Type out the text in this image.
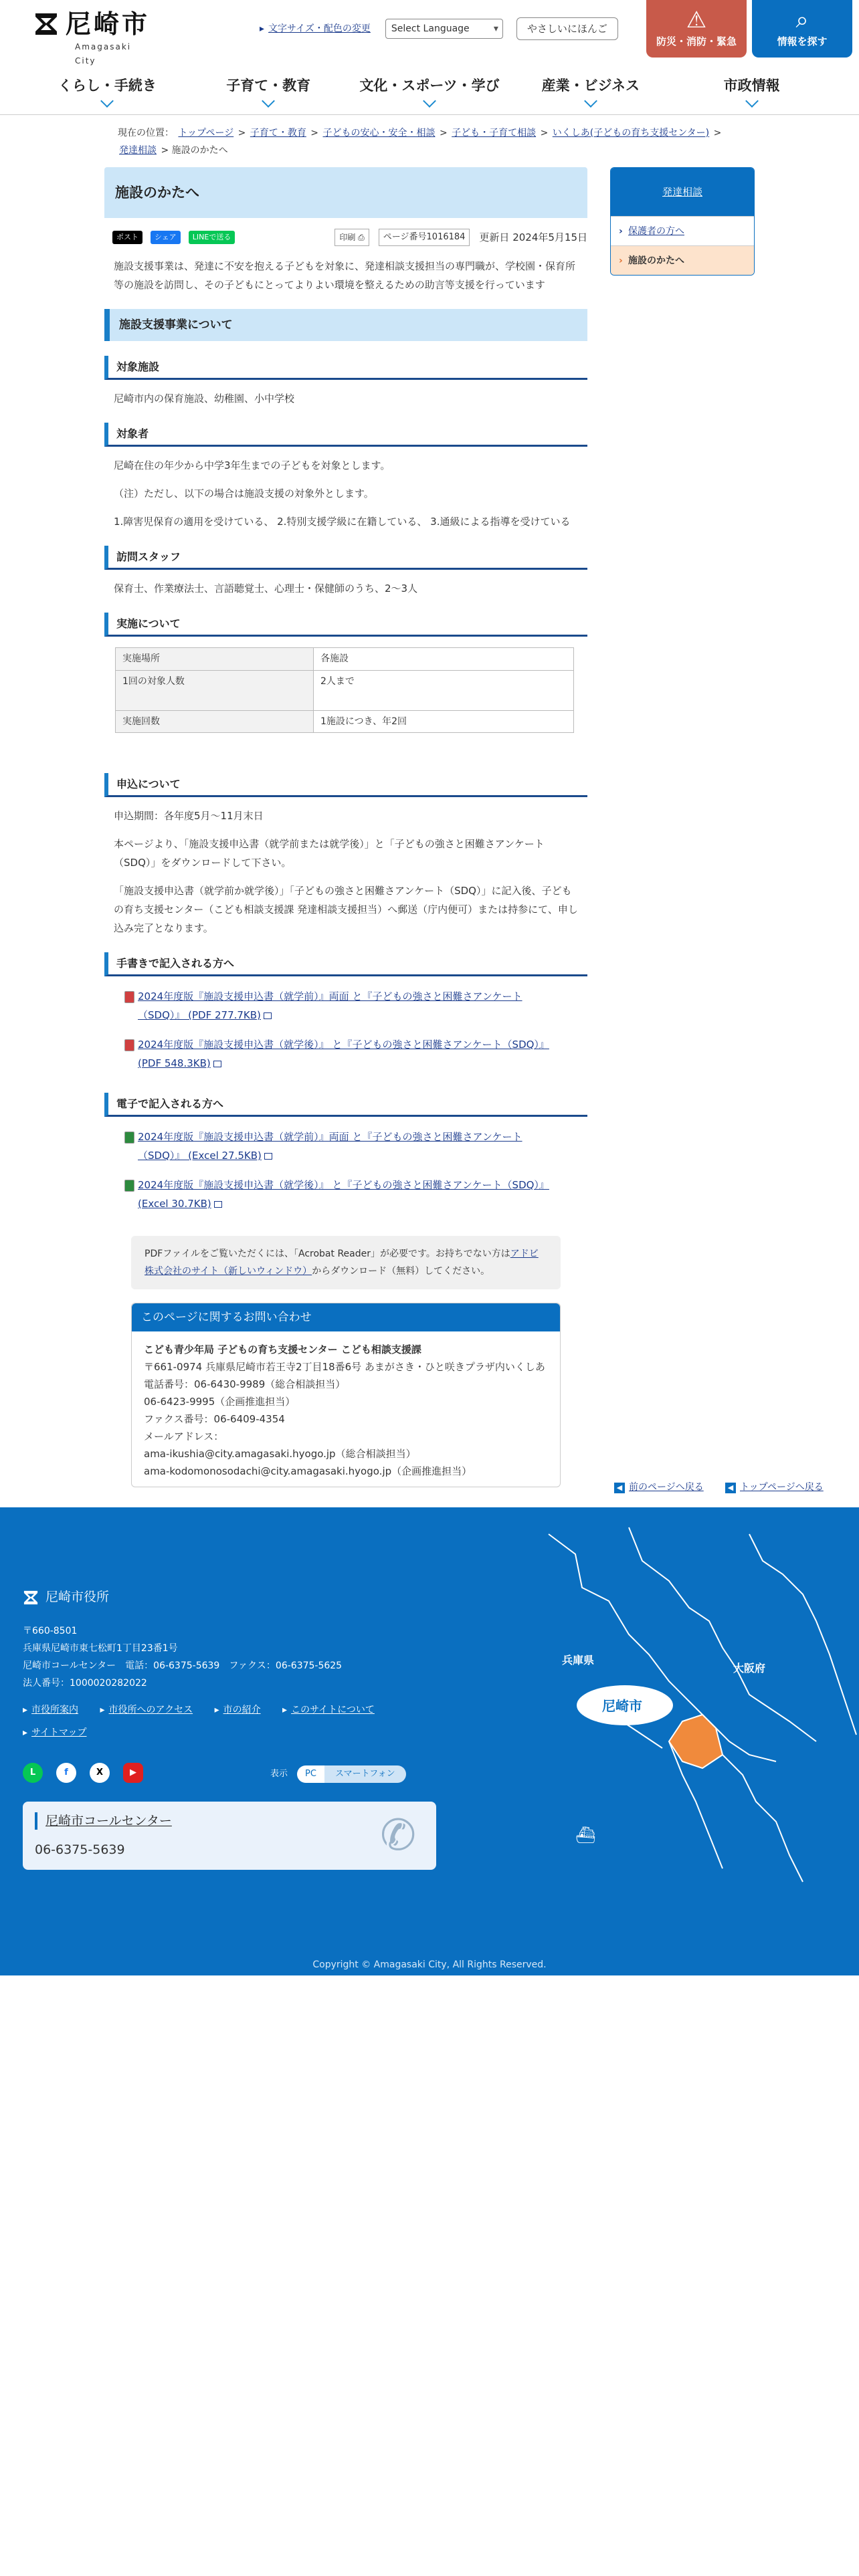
尼崎市
Amagasaki City
▸ 文字サイズ・配色の変更	Select Language ▾	やさしいにほんご	⚠
防災・消防・緊急
⌕
情報を探す
くらし・手続き	子育て・教育	文化・スポーツ・学び	産業・ビジネス	市政情報
現在の位置： トップページ > 子育て・教育 > 子どもの安心・安全・相談 > 子ども・子育て相談 > いくしあ(子どもの育ち支援センター) > 発達相談 > 施設のかたへ
施設のかたへ
ポスト	シェア	LINEで送る	印刷 ⎙	ページ番号1016184	更新日 2024年5月15日

施設支援事業は、発達に不安を抱える子どもを対象に、発達相談支援担当の専門職が、学校園・保育所等の施設を訪問し、その子どもにとってよりよい環境を整えるための助言等支援を行っています

施設支援事業について
対象施設

尼崎市内の保育施設、幼稚園、小中学校

対象者

尼崎在住の年少から中学3年生までの子どもを対象とします。

（注）ただし、以下の場合は施設支援の対象外とします。

1.障害児保育の適用を受けている、 2.特別支援学級に在籍している、 3.通級による指導を受けている

訪問スタッフ

保育士、作業療法士、言語聴覚士、心理士・保健師のうち、2～3人

実施について
実施場所	各施設
1回の対象人数	2人まで
実施回数	1施設につき、年2回
申込について

申込期間：各年度5月～11月末日

本ページより、「施設支援申込書（就学前または就学後）」と「子どもの強さと困難さアンケート（SDQ）」をダウンロードして下さい。

「施設支援申込書（就学前か就学後）」「子どもの強さと困難さアンケート（SDQ）」に記入後、子どもの育ち支援センター（こども相談支援課 発達相談支援担当）へ郵送（庁内便可）または持参にて、申し込み完了となります。

手書きで記入される方へ
2024年度版『施設支援申込書（就学前）』両面 と『子どもの強さと困難さアンケート（SDQ）』 (PDF 277.7KB)
2024年度版『施設支援申込書（就学後）』 と『子どもの強さと困難さアンケート（SDQ）』 (PDF 548.3KB)
電子で記入される方へ
2024年度版『施設支援申込書（就学前）』両面 と『子どもの強さと困難さアンケート（SDQ）』 (Excel 27.5KB)
2024年度版『施設支援申込書（就学後）』 と『子どもの強さと困難さアンケート（SDQ）』 (Excel 30.7KB)
PDFファイルをご覧いただくには、「Acrobat Reader」が必要です。お持ちでない方はアドビ株式会社のサイト（新しいウィンドウ）からダウンロード（無料）してください。
このページに関するお問い合わせ
こども青少年局 子どもの育ち支援センター こども相談支援課
〒661-0974 兵庫県尼崎市若王寺2丁目18番6号 あまがさき・ひと咲きプラザ内いくしあ
電話番号：06-6430-9989（総合相談担当）
06-6423-9995（企画推進担当）
ファクス番号：06-6409-4354
メールアドレス：
ama-ikushia@city.amagasaki.hyogo.jp（総合相談担当）
ama-kodomonosodachi@city.amagasaki.hyogo.jp（企画推進担当）
発達相談
› 保護者の方へ
› 施設のかたへ
◀ 前のページへ戻る	◀ トップページへ戻る
尼崎市役所
〒660-8501
兵庫県尼崎市東七松町1丁目23番1号
尼崎市コールセンター　電話：06-6375-5639　ファクス：06-6375-5625
法人番号：1000020282022
▸ 市役所案内	▸ 市役所へのアクセス	▸ 市の紹介	▸ このサイトについて
▸ サイトマップ
L	f	X	▶	表示	PC	スマートフォン
尼崎市コールセンター
06-6375-5639	✆
兵庫県
大阪府
尼崎市
⛴
Copyright © Amagasaki City, All Rights Reserved.
